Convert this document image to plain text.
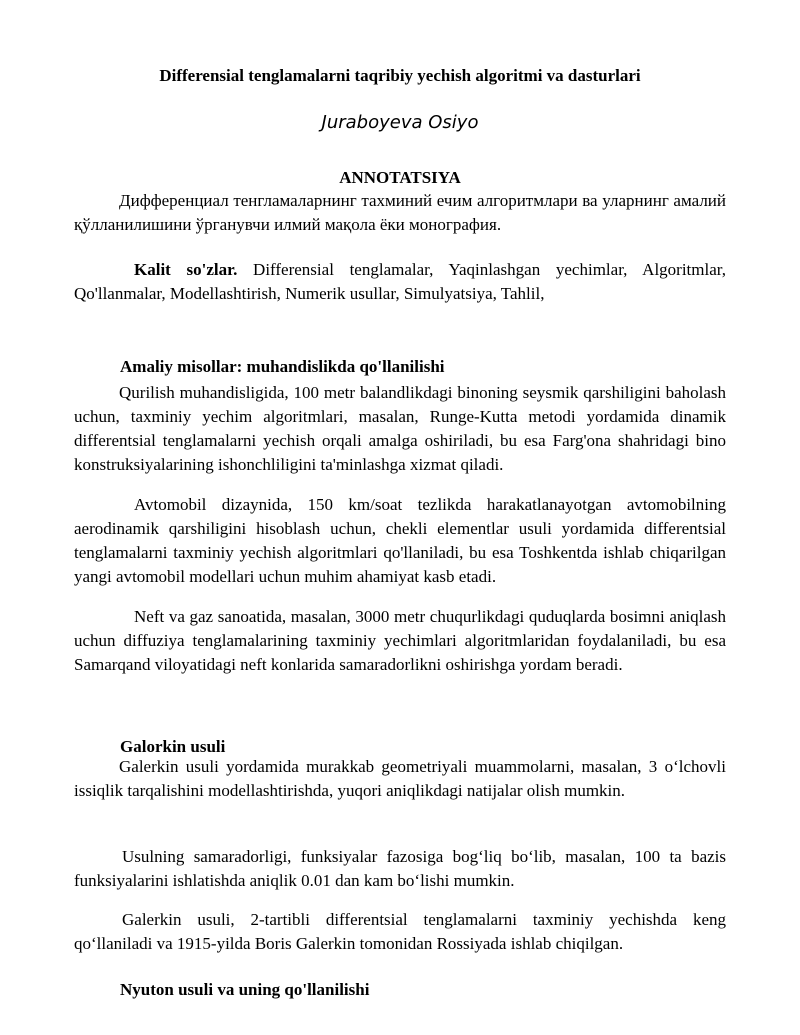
Differensial tenglamalarni taqribiy yechish algoritmi va dasturlari
Juraboyeva Osiyo
ANNOTATSIYA

Дифференциал тенгламаларнинг тахминий ечим алгоритмлари ва уларнинг амалий қўлланилишини ўрганувчи илмий мақола ёки монография.

Kalit so'zlar. Differensial tenglamalar, Yaqinlashgan yechimlar, Algoritmlar, Qo'llanmalar, Modellashtirish, Numerik usullar, Simulyatsiya, Tahlil,

Amaliy misollar: muhandislikda qo'llanilishi

Qurilish muhandisligida, 100 metr balandlikdagi binoning seysmik qarshiligini baholash uchun, taxminiy yechim algoritmlari, masalan, Runge-Kutta metodi yordamida dinamik differentsial tenglamalarni yechish orqali amalga oshiriladi, bu esa Farg'ona shahridagi bino konstruksiyalarining ishonchliligini ta'minlashga xizmat qiladi.

Avtomobil dizaynida, 150 km/soat tezlikda harakatlanayotgan avtomobilning aerodinamik qarshiligini hisoblash uchun, chekli elementlar usuli yordamida differentsial tenglamalarni taxminiy yechish algoritmlari qo'llaniladi, bu esa Toshkentda ishlab chiqarilgan yangi avtomobil modellari uchun muhim ahamiyat kasb etadi.

Neft va gaz sanoatida, masalan, 3000 metr chuqurlikdagi quduqlarda bosimni aniqlash uchun diffuziya tenglamalarining taxminiy yechimlari algoritmlaridan foydalaniladi, bu esa Samarqand viloyatidagi neft konlarida samaradorlikni oshirishga yordam beradi.

Galorkin usuli

Galerkin usuli yordamida murakkab geometriyali muammolarni, masalan, 3 o‘lchovli issiqlik tarqalishini modellashtirishda, yuqori aniqlikdagi natijalar olish mumkin.

Usulning samaradorligi, funksiyalar fazosiga bog‘liq bo‘lib, masalan, 100 ta bazis funksiyalarini ishlatishda aniqlik 0.01 dan kam bo‘lishi mumkin.

Galerkin usuli, 2-tartibli differentsial tenglamalarni taxminiy yechishda keng qo‘llaniladi va 1915-yilda Boris Galerkin tomonidan Rossiyada ishlab chiqilgan.

Nyuton usuli va uning qo'llanilishi
